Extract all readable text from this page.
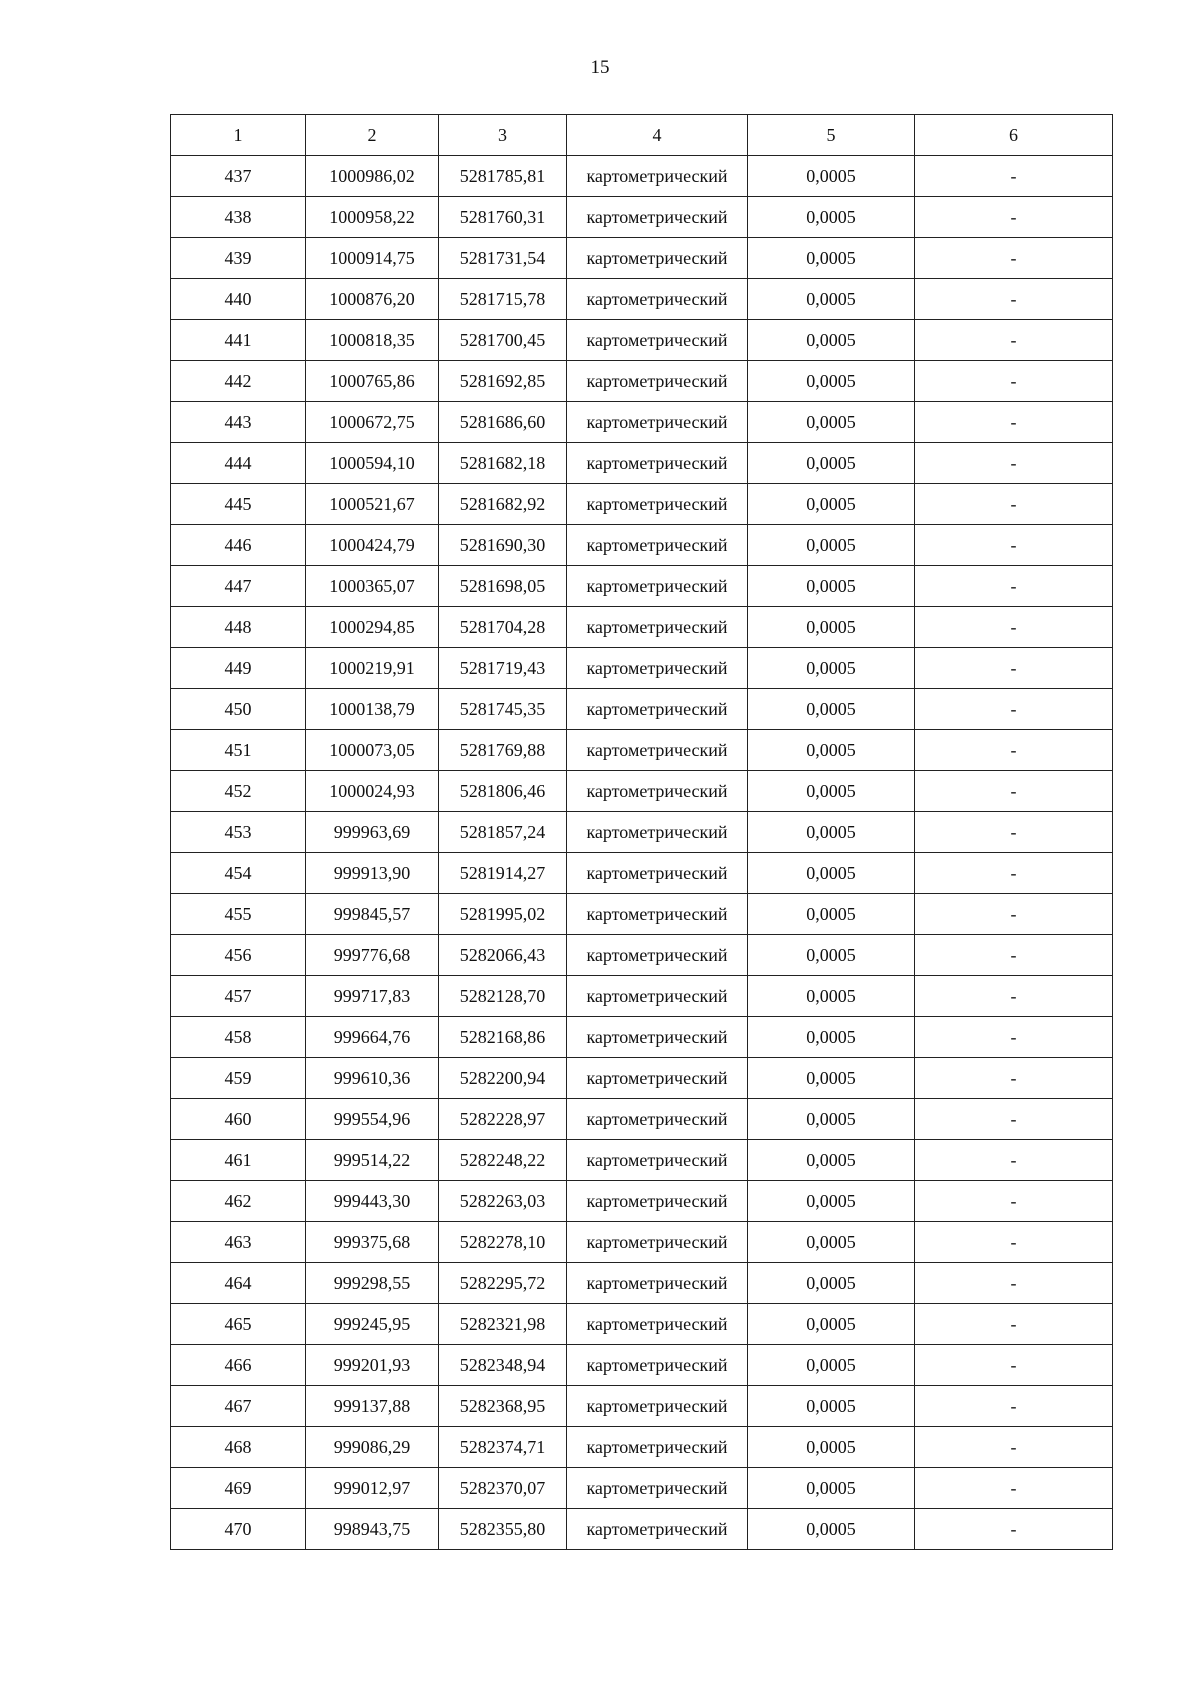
15
1	2	3	4	5	6
437	1000986,02	5281785,81	картометрический	0,0005	-
438	1000958,22	5281760,31	картометрический	0,0005	-
439	1000914,75	5281731,54	картометрический	0,0005	-
440	1000876,20	5281715,78	картометрический	0,0005	-
441	1000818,35	5281700,45	картометрический	0,0005	-
442	1000765,86	5281692,85	картометрический	0,0005	-
443	1000672,75	5281686,60	картометрический	0,0005	-
444	1000594,10	5281682,18	картометрический	0,0005	-
445	1000521,67	5281682,92	картометрический	0,0005	-
446	1000424,79	5281690,30	картометрический	0,0005	-
447	1000365,07	5281698,05	картометрический	0,0005	-
448	1000294,85	5281704,28	картометрический	0,0005	-
449	1000219,91	5281719,43	картометрический	0,0005	-
450	1000138,79	5281745,35	картометрический	0,0005	-
451	1000073,05	5281769,88	картометрический	0,0005	-
452	1000024,93	5281806,46	картометрический	0,0005	-
453	999963,69	5281857,24	картометрический	0,0005	-
454	999913,90	5281914,27	картометрический	0,0005	-
455	999845,57	5281995,02	картометрический	0,0005	-
456	999776,68	5282066,43	картометрический	0,0005	-
457	999717,83	5282128,70	картометрический	0,0005	-
458	999664,76	5282168,86	картометрический	0,0005	-
459	999610,36	5282200,94	картометрический	0,0005	-
460	999554,96	5282228,97	картометрический	0,0005	-
461	999514,22	5282248,22	картометрический	0,0005	-
462	999443,30	5282263,03	картометрический	0,0005	-
463	999375,68	5282278,10	картометрический	0,0005	-
464	999298,55	5282295,72	картометрический	0,0005	-
465	999245,95	5282321,98	картометрический	0,0005	-
466	999201,93	5282348,94	картометрический	0,0005	-
467	999137,88	5282368,95	картометрический	0,0005	-
468	999086,29	5282374,71	картометрический	0,0005	-
469	999012,97	5282370,07	картометрический	0,0005	-
470	998943,75	5282355,80	картометрический	0,0005	-
